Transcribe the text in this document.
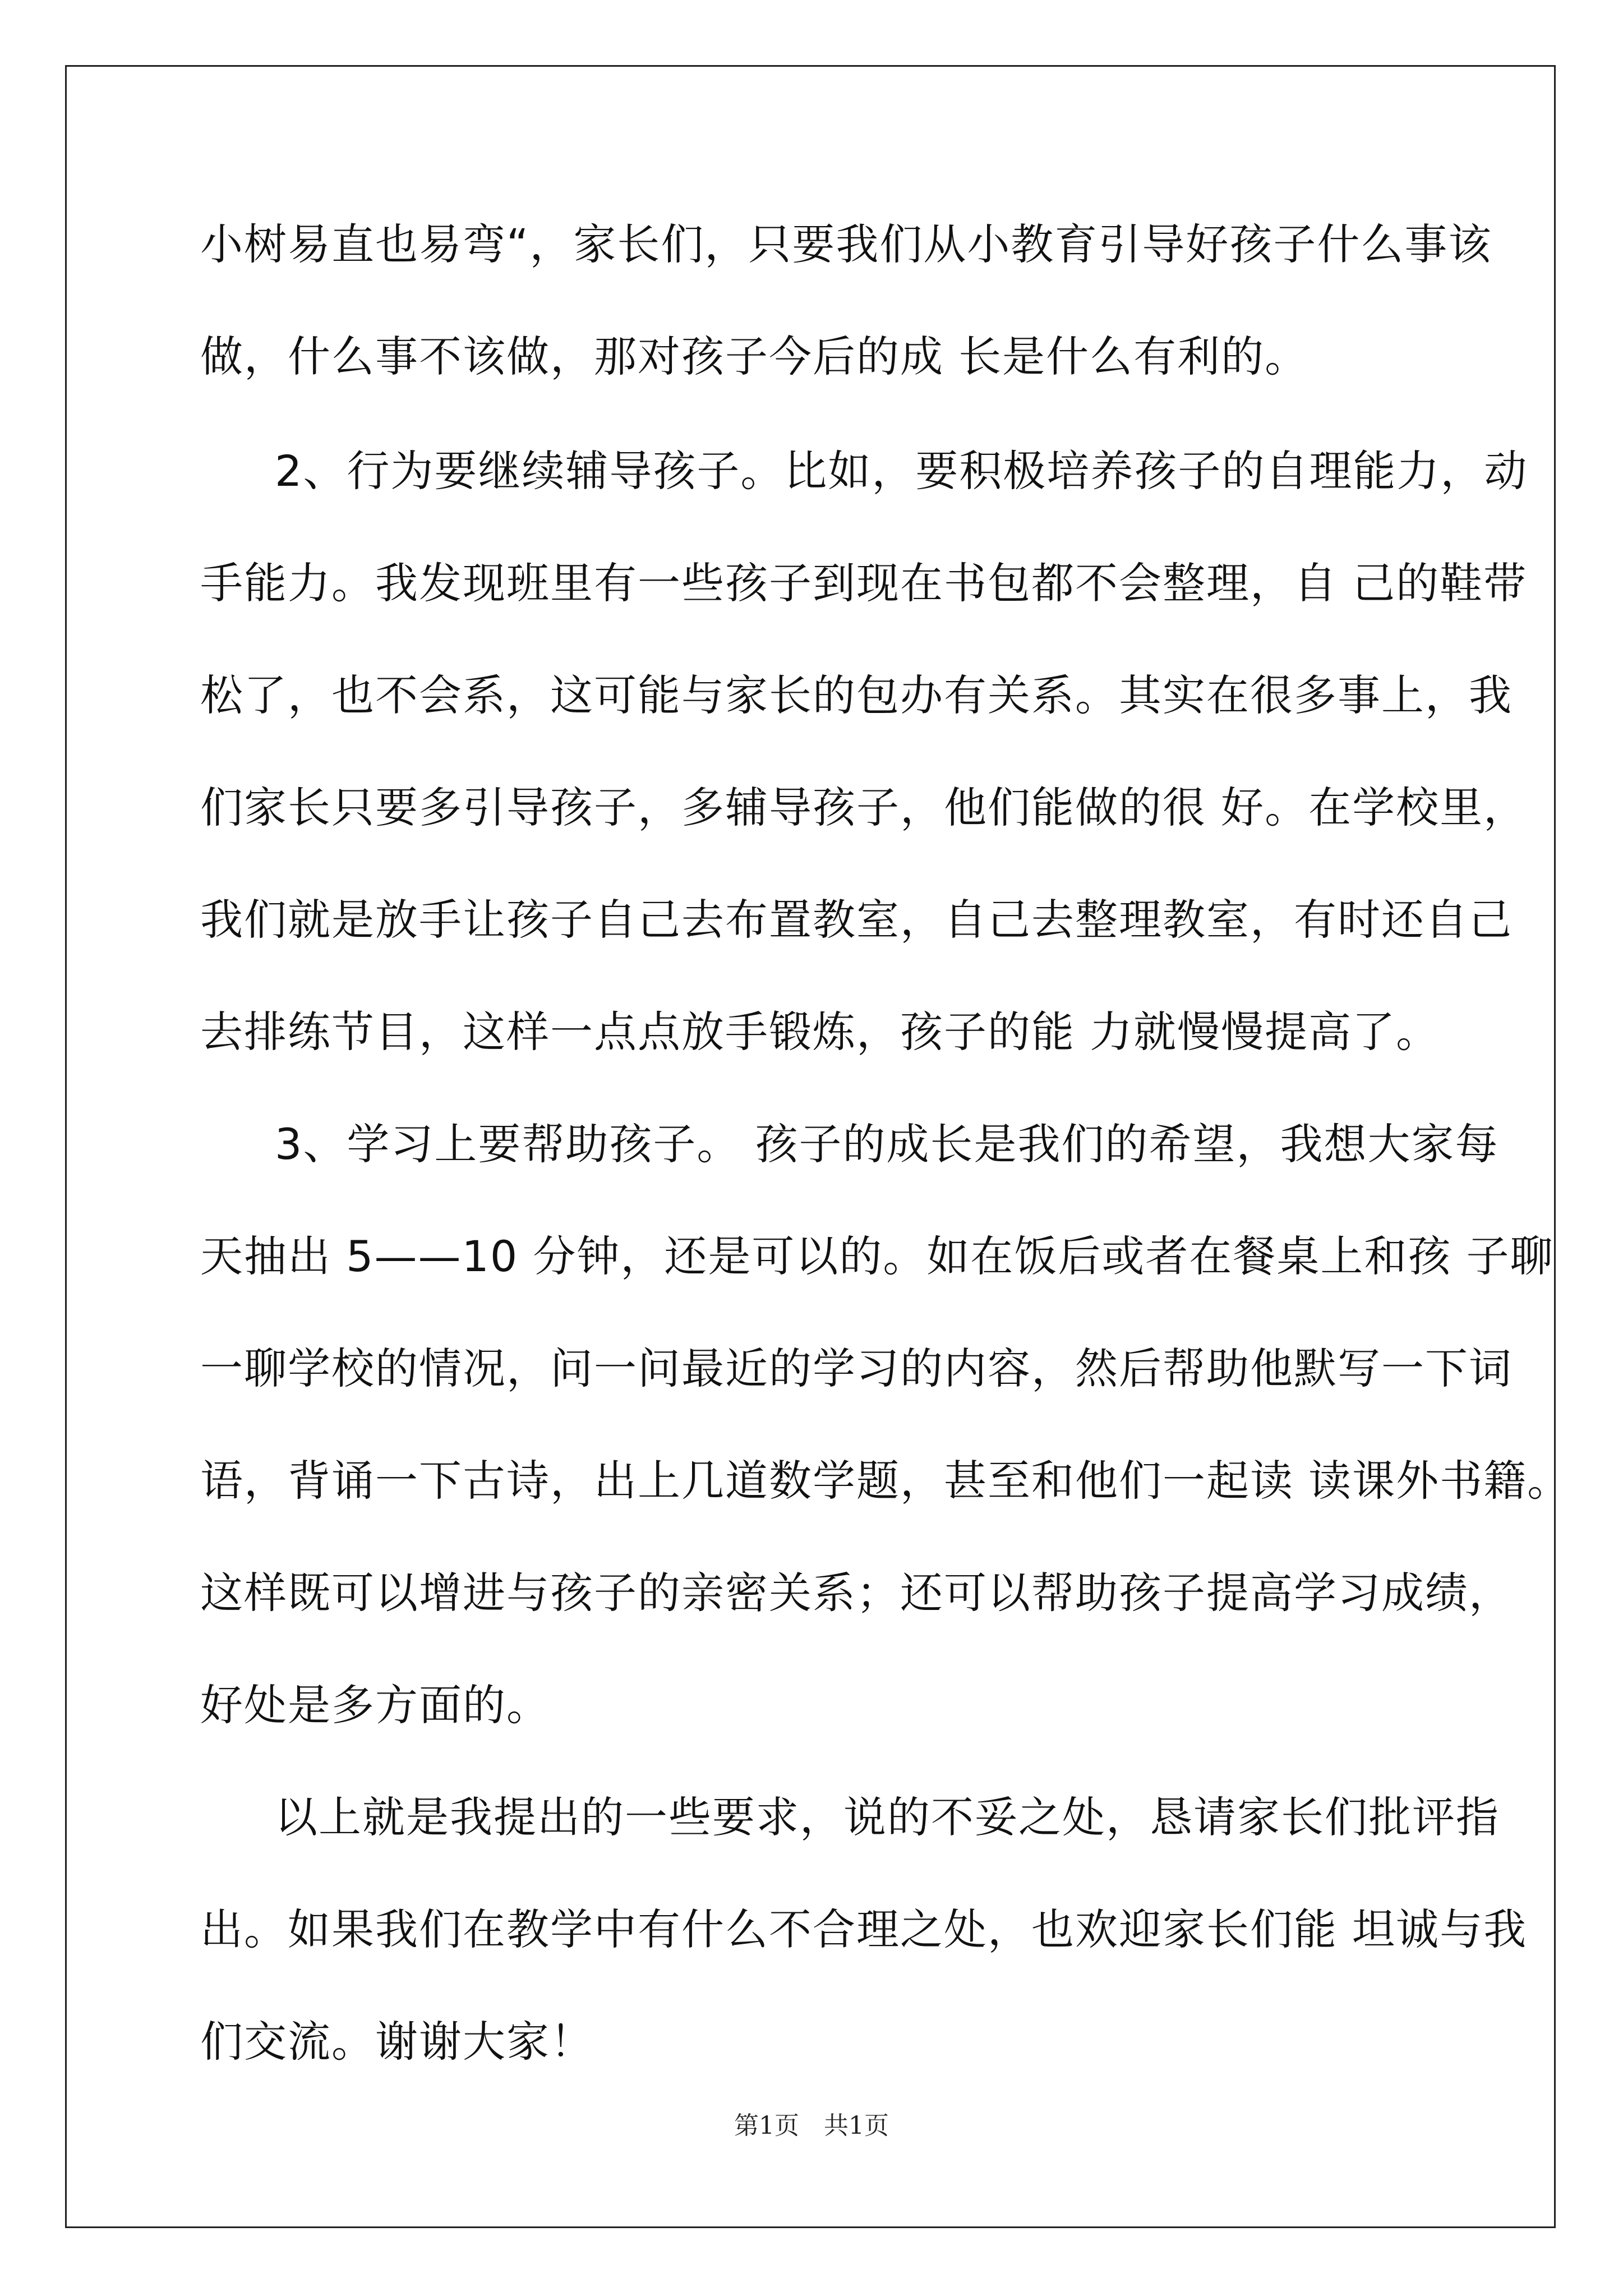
小树易直也易弯“，家长们，只要我们从小教育引导好孩子什么事该
做，什么事不该做，那对孩子今后的成 长是什么有利的。
2、行为要继续辅导孩子。比如，要积极培养孩子的自理能力，动
手能力。我发现班里有一些孩子到现在书包都不会整理，自 己的鞋带
松了，也不会系，这可能与家长的包办有关系。其实在很多事上，我
们家长只要多引导孩子，多辅导孩子，他们能做的很 好。在学校里，
我们就是放手让孩子自己去布置教室，自己去整理教室，有时还自己
去排练节目，这样一点点放手锻炼，孩子的能 力就慢慢提高了。
3、学习上要帮助孩子。 孩子的成长是我们的希望，我想大家每
天抽出 5——10 分钟，还是可以的。如在饭后或者在餐桌上和孩 子聊
一聊学校的情况，问一问最近的学习的内容，然后帮助他默写一下词
语，背诵一下古诗，出上几道数学题，甚至和他们一起读 读课外书籍。
这样既可以增进与孩子的亲密关系；还可以帮助孩子提高学习成绩，
好处是多方面的。
以上就是我提出的一些要求，说的不妥之处，恳请家长们批评指
出。如果我们在教学中有什么不合理之处，也欢迎家长们能 坦诚与我
们交流。谢谢大家！
第1页　共1页
